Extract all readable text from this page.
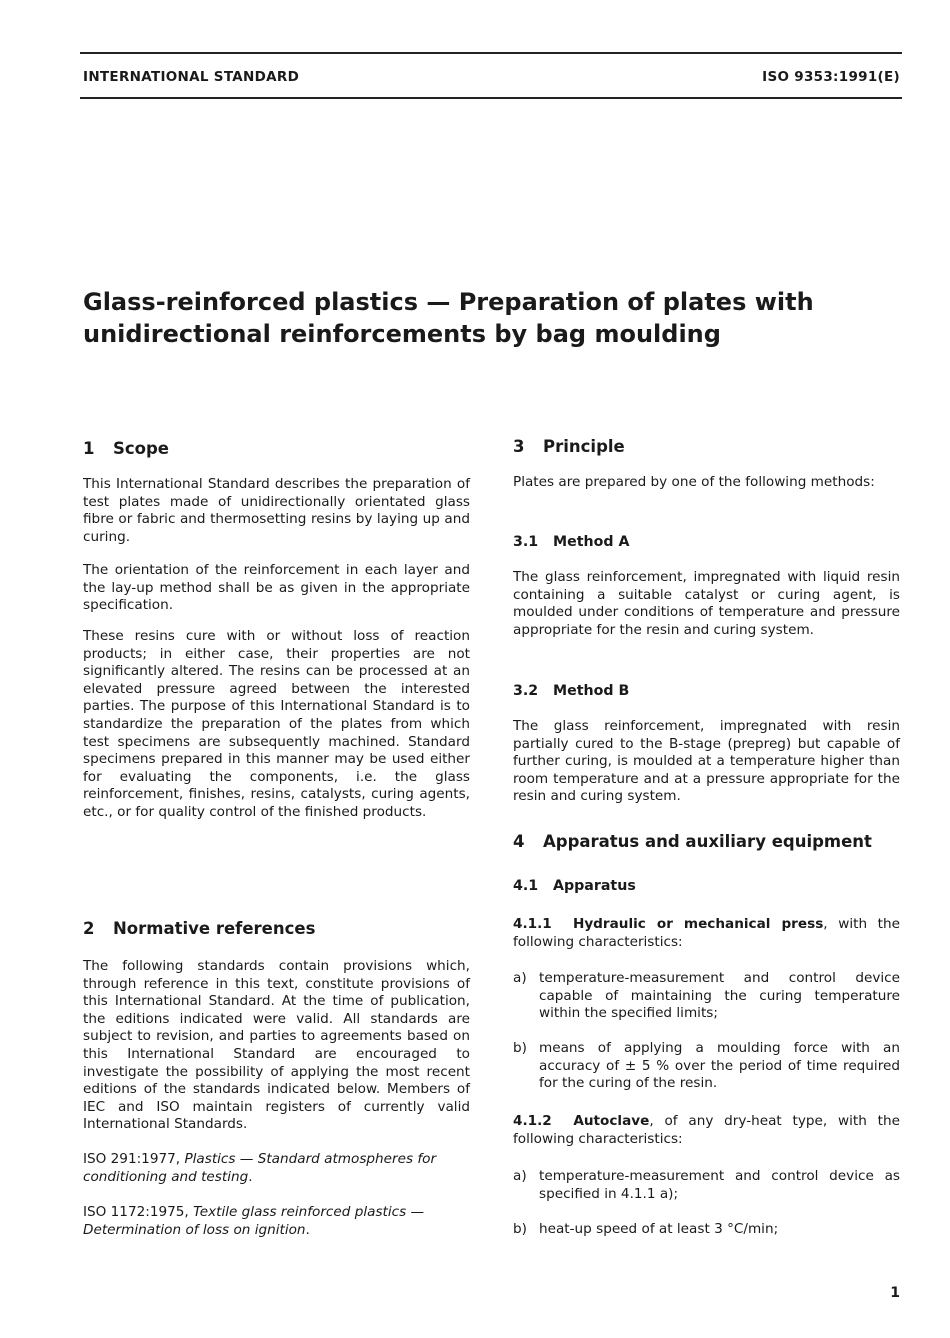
INTERNATIONAL STANDARD	ISO 9353:1991(E)
Glass-reinforced plastics — Preparation of plates with
unidirectional reinforcements by bag moulding
1 Scope

This International Standard describes the preparation of test plates made of unidirectionally orientated glass fibre or fabric and thermosetting resins by laying up and curing.

The orientation of the reinforcement in each layer and the lay-up method shall be as given in the appropriate specification.

These resins cure with or without loss of reaction products; in either case, their properties are not significantly altered. The resins can be processed at an elevated pressure agreed between the interested parties. The purpose of this International Standard is to standardize the preparation of the plates from which test specimens are subsequently machined. Standard specimens prepared in this manner may be used either for evaluating the components, i.e. the glass reinforcement, finishes, resins, catalysts, curing agents, etc., or for quality control of the finished products.

2 Normative references

The following standards contain provisions which, through reference in this text, constitute provisions of this International Standard. At the time of publication, the editions indicated were valid. All standards are subject to revision, and parties to agreements based on this International Standard are encouraged to investigate the possibility of applying the most recent editions of the standards indicated below. Members of IEC and ISO maintain registers of currently valid International Standards.

ISO 291:1977, Plastics — Standard atmospheres for conditioning and testing.

ISO 1172:1975, Textile glass reinforced plastics — Determination of loss on ignition.

3 Principle

Plates are prepared by one of the following methods:

3.1 Method A

The glass reinforcement, impregnated with liquid resin containing a suitable catalyst or curing agent, is moulded under conditions of temperature and pressure appropriate for the resin and curing system.

3.2 Method B

The glass reinforcement, impregnated with resin partially cured to the B-stage (prepreg) but capable of further curing, is moulded at a temperature higher than room temperature and at a pressure appropriate for the resin and curing system.

4 Apparatus and auxiliary equipment
4.1 Apparatus

4.1.1 Hydraulic or mechanical press, with the following characteristics:

a) temperature-measurement and control device capable of maintaining the curing temperature within the specified limits;
b) means of applying a moulding force with an accuracy of ± 5 % over the period of time required for the curing of the resin.

4.1.2 Autoclave, of any dry-heat type, with the following characteristics:

a) temperature-measurement and control device as specified in 4.1.1 a);
b) heat-up speed of at least 3 °C/min;
1
